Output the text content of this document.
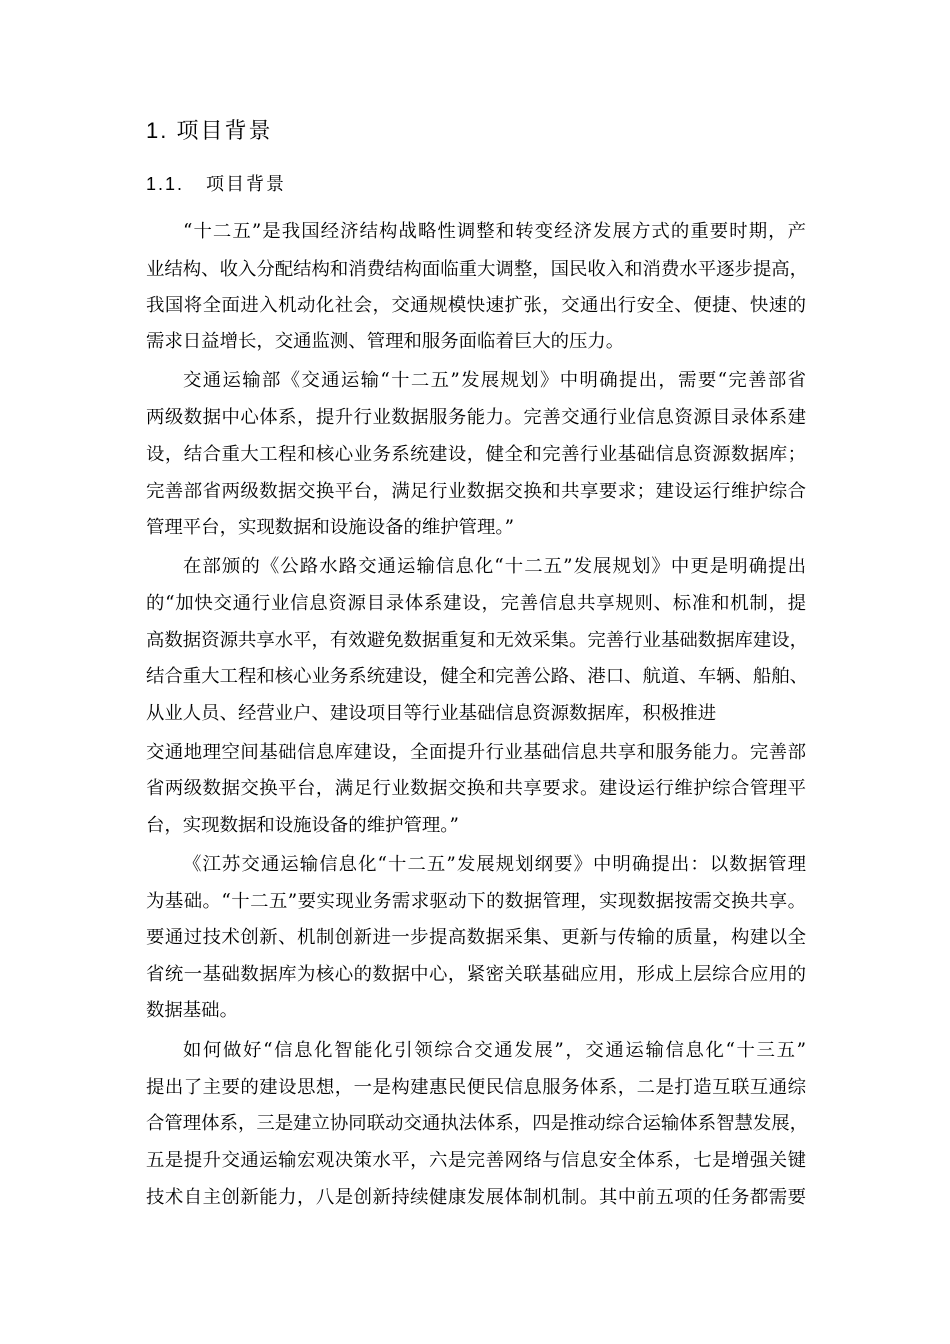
1. 项目背景
1.1. 项目背景
“十二五”是我国经济结构战略性调整和转变经济发展方式的重要时期，产
业结构、收入分配结构和消费结构面临重大调整，国民收入和消费水平逐步提高，
我国将全面进入机动化社会，交通规模快速扩张，交通出行安全、便捷、快速的
需求日益增长，交通监测、管理和服务面临着巨大的压力。
交通运输部《交通运输“十二五”发展规划》中明确提出，需要“完善部省
两级数据中心体系，提升行业数据服务能力。完善交通行业信息资源目录体系建
设，结合重大工程和核心业务系统建设，健全和完善行业基础信息资源数据库；
完善部省两级数据交换平台，满足行业数据交换和共享要求；建设运行维护综合
管理平台，实现数据和设施设备的维护管理。”
在部颁的《公路水路交通运输信息化“十二五”发展规划》中更是明确提出
的“加快交通行业信息资源目录体系建设，完善信息共享规则、标准和机制，提
高数据资源共享水平，有效避免数据重复和无效采集。完善行业基础数据库建设，
结合重大工程和核心业务系统建设，健全和完善公路、港口、航道、车辆、船舶、
从业人员、经营业户、建设项目等行业基础信息资源数据库，积极推进
交通地理空间基础信息库建设，全面提升行业基础信息共享和服务能力。完善部
省两级数据交换平台，满足行业数据交换和共享要求。建设运行维护综合管理平
台，实现数据和设施设备的维护管理。”
《江苏交通运输信息化“十二五”发展规划纲要》中明确提出：以数据管理
为基础。“十二五”要实现业务需求驱动下的数据管理，实现数据按需交换共享。
要通过技术创新、机制创新进一步提高数据采集、更新与传输的质量，构建以全
省统一基础数据库为核心的数据中心，紧密关联基础应用，形成上层综合应用的
数据基础。
如何做好“信息化智能化引领综合交通发展”，交通运输信息化“十三五”
提出了主要的建设思想，一是构建惠民便民信息服务体系，二是打造互联互通综
合管理体系，三是建立协同联动交通执法体系，四是推动综合运输体系智慧发展，
五是提升交通运输宏观决策水平，六是完善网络与信息安全体系，七是增强关键
技术自主创新能力，八是创新持续健康发展体制机制。其中前五项的任务都需要
